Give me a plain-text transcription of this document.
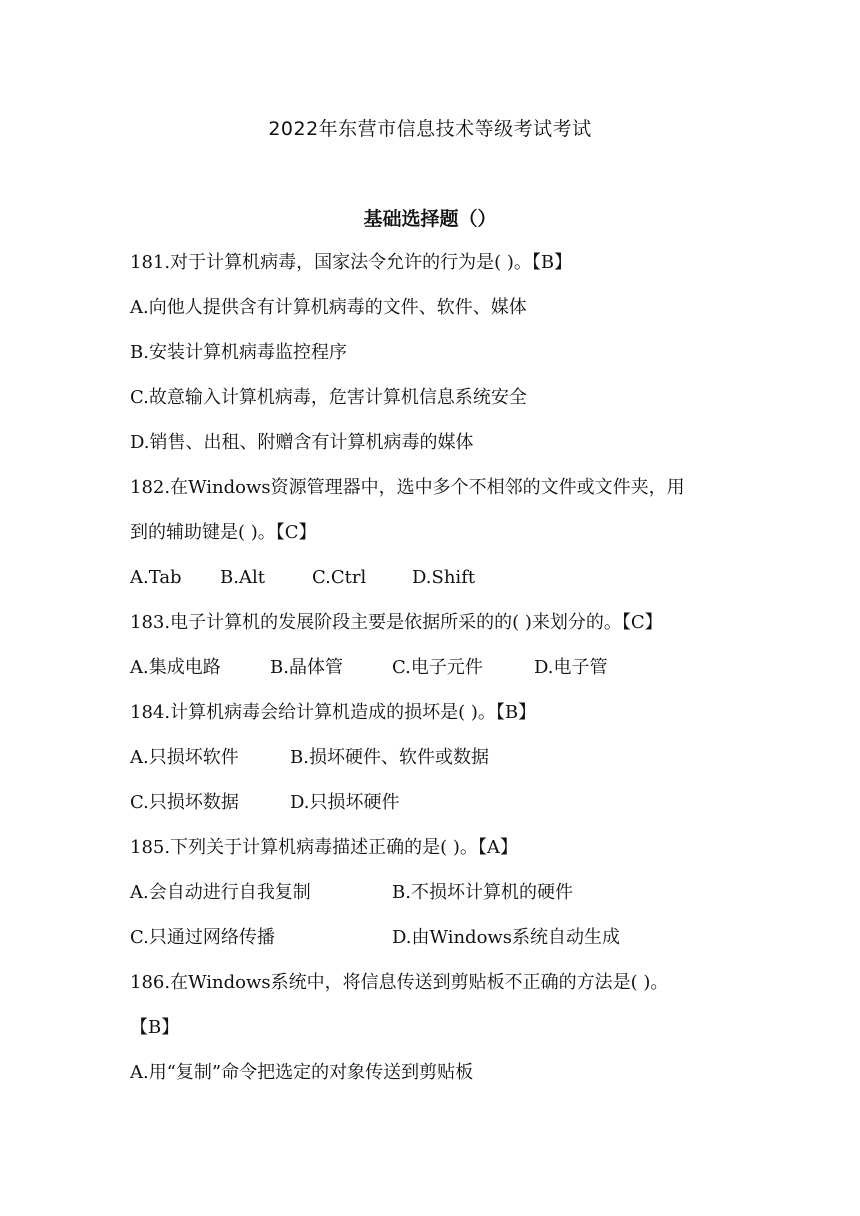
2022年东营市信息技术等级考试考试
基础选择题（）
181.对于计算机病毒，国家法令允许的行为是( )。【B】
A.向他人提供含有计算机病毒的文件、软件、媒体
B.安装计算机病毒监控程序
C.故意输入计算机病毒，危害计算机信息系统安全
D.销售、出租、附赠含有计算机病毒的媒体
182.在Windows资源管理器中，选中多个不相邻的文件或文件夹，用
到的辅助键是( )。【C】
A.Tab	B.Alt	C.Ctrl	D.Shift
183.电子计算机的发展阶段主要是依据所采的的( )来划分的。【C】
A.集成电路	B.晶体管	C.电子元件	D.电子管
184.计算机病毒会给计算机造成的损坏是( )。【B】
A.只损坏软件	B.损坏硬件、软件或数据
C.只损坏数据	D.只损坏硬件
185.下列关于计算机病毒描述正确的是( )。【A】
A.会自动进行自我复制	B.不损坏计算机的硬件
C.只通过网络传播	D.由Windows系统自动生成
186.在Windows系统中，将信息传送到剪贴板不正确的方法是( )。
【B】
A.用“复制”命令把选定的对象传送到剪贴板
